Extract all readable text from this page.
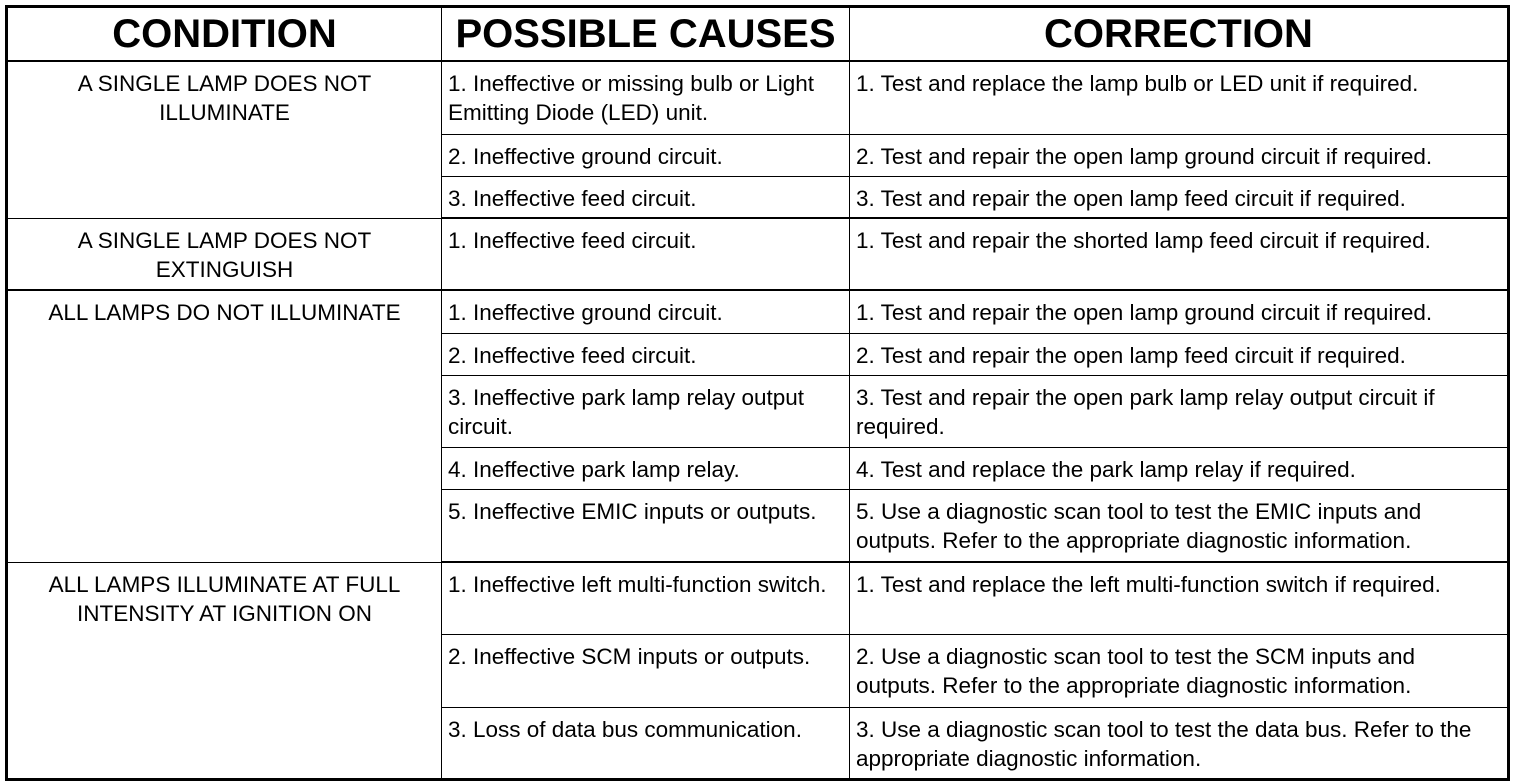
CONDITION	POSSIBLE CAUSES	CORRECTION
A SINGLE LAMP DOES NOT ILLUMINATE	1. Ineffective or missing bulb or Light Emitting Diode (LED) unit.	1. Test and replace the lamp bulb or LED unit if required.
	2. Ineffective ground circuit.	2. Test and repair the open lamp ground circuit if required.
	3. Ineffective feed circuit.	3. Test and repair the open lamp feed circuit if required.
A SINGLE LAMP DOES NOT EXTINGUISH	1. Ineffective feed circuit.	1. Test and repair the shorted lamp feed circuit if required.
ALL LAMPS DO NOT ILLUMINATE	1. Ineffective ground circuit.	1. Test and repair the open lamp ground circuit if required.
	2. Ineffective feed circuit.	2. Test and repair the open lamp feed circuit if required.
	3. Ineffective park lamp relay output circuit.	3. Test and repair the open park lamp relay output circuit if required.
	4. Ineffective park lamp relay.	4. Test and replace the park lamp relay if required.
	5. Ineffective EMIC inputs or outputs.	5. Use a diagnostic scan tool to test the EMIC inputs and outputs. Refer to the appropriate diagnostic information.
ALL LAMPS ILLUMINATE AT FULL INTENSITY AT IGNITION ON	1. Ineffective left multi-function switch.	1. Test and replace the left multi-function switch if required.
	2. Ineffective SCM inputs or outputs.	2. Use a diagnostic scan tool to test the SCM inputs and outputs. Refer to the appropriate diagnostic information.
	3. Loss of data bus communication.	3. Use a diagnostic scan tool to test the data bus. Refer to the appropriate diagnostic information.
